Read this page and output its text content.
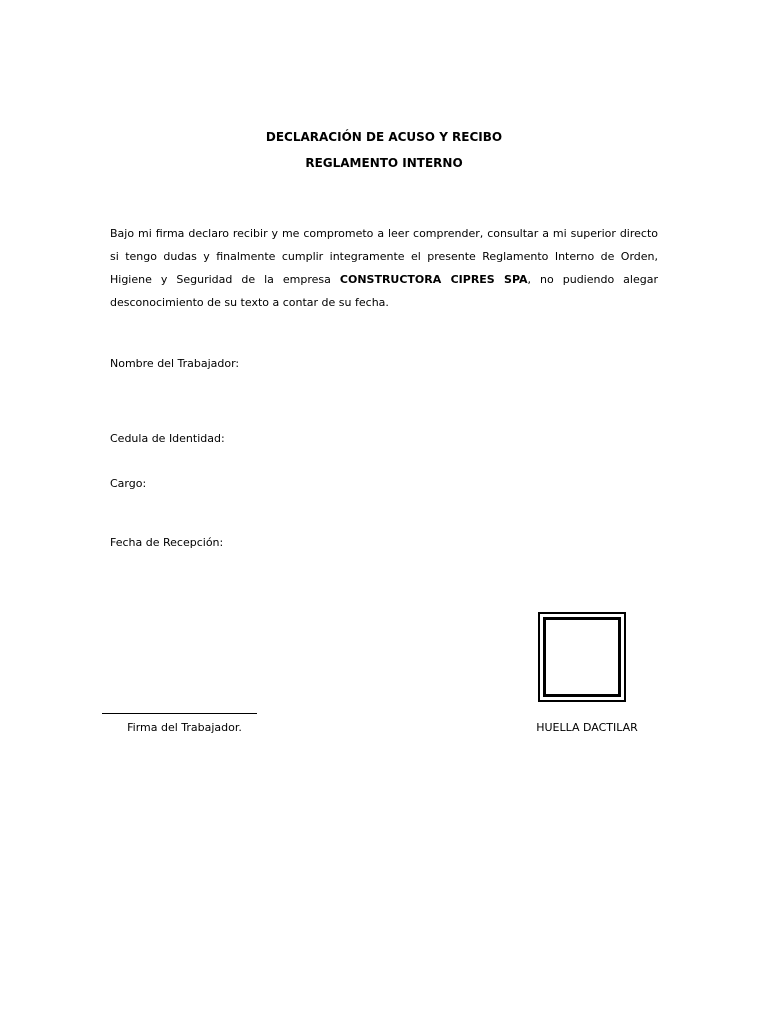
DECLARACIÓN DE ACUSO Y RECIBO
REGLAMENTO INTERNO
Bajo mi firma declaro recibir y me comprometo a leer comprender, consultar a mi superior directo si tengo dudas y finalmente cumplir integramente el presente Reglamento Interno de Orden, Higiene y Seguridad de la empresa CONSTRUCTORA CIPRES SPA, no pudiendo alegar desconocimiento de su texto a contar de su fecha.
Nombre del Trabajador:
Cedula de Identidad:
Cargo:
Fecha de Recepción:
Firma del Trabajador.	HUELLA DACTILAR
